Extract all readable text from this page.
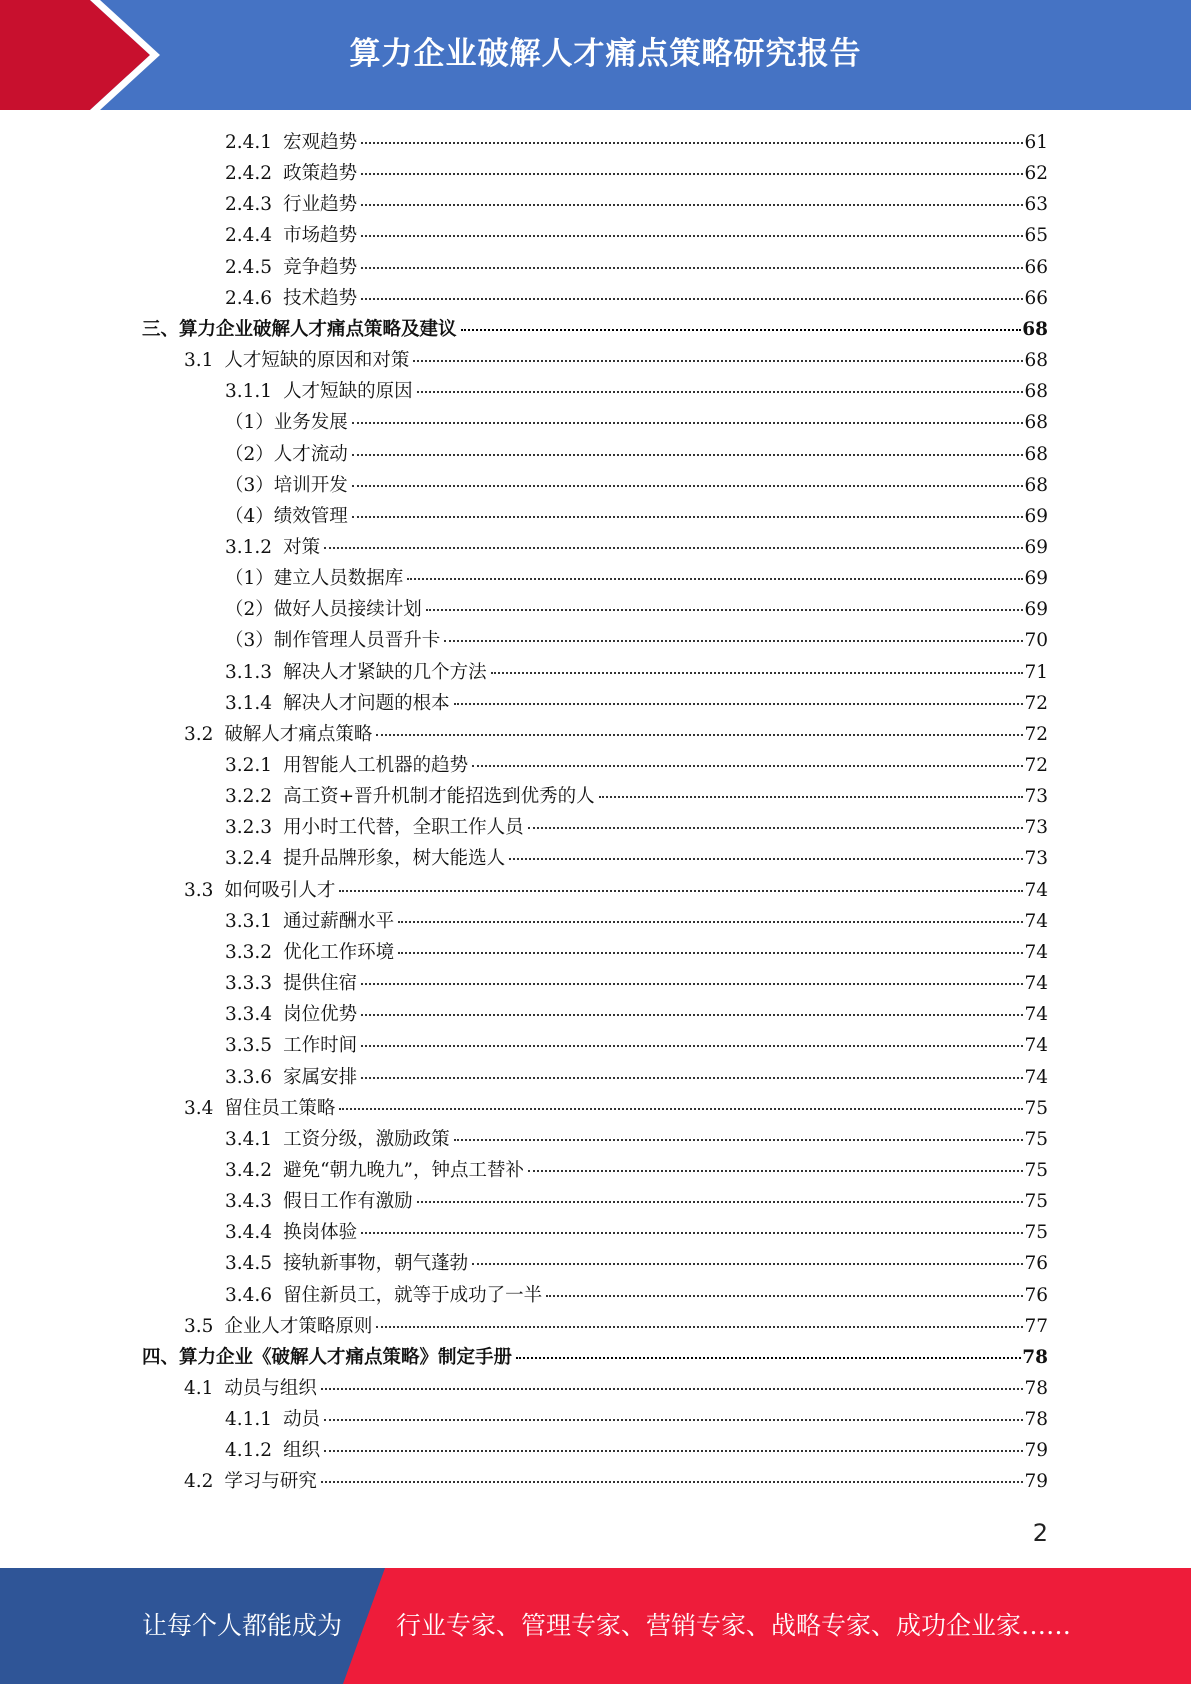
算力企业破解人才痛点策略研究报告
2.4.1 宏观趋势	61
2.4.2 政策趋势	62
2.4.3 行业趋势	63
2.4.4 市场趋势	65
2.4.5 竞争趋势	66
2.4.6 技术趋势	66
三、算力企业破解人才痛点策略及建议	68
3.1 人才短缺的原因和对策	68
3.1.1 人才短缺的原因	68
（1）业务发展	68
（2）人才流动	68
（3）培训开发	68
（4）绩效管理	69
3.1.2 对策	69
（1）建立人员数据库	69
（2）做好人员接续计划	69
（3）制作管理人员晋升卡	70
3.1.3 解决人才紧缺的几个方法	71
3.1.4 解决人才问题的根本	72
3.2 破解人才痛点策略	72
3.2.1 用智能人工机器的趋势	72
3.2.2 高工资+晋升机制才能招选到优秀的人	73
3.2.3 用小时工代替，全职工作人员	73
3.2.4 提升品牌形象，树大能选人	73
3.3 如何吸引人才	74
3.3.1 通过薪酬水平	74
3.3.2 优化工作环境	74
3.3.3 提供住宿	74
3.3.4 岗位优势	74
3.3.5 工作时间	74
3.3.6 家属安排	74
3.4 留住员工策略	75
3.4.1 工资分级，激励政策	75
3.4.2 避免“朝九晚九”，钟点工替补	75
3.4.3 假日工作有激励	75
3.4.4 换岗体验	75
3.4.5 接轨新事物，朝气蓬勃	76
3.4.6 留住新员工，就等于成功了一半	76
3.5 企业人才策略原则	77
四、算力企业《破解人才痛点策略》制定手册	78
4.1 动员与组织	78
4.1.1 动员	78
4.1.2 组织	79
4.2 学习与研究	79
2
让每个人都能成为 行业专家、管理专家、营销专家、战略专家、成功企业家……
